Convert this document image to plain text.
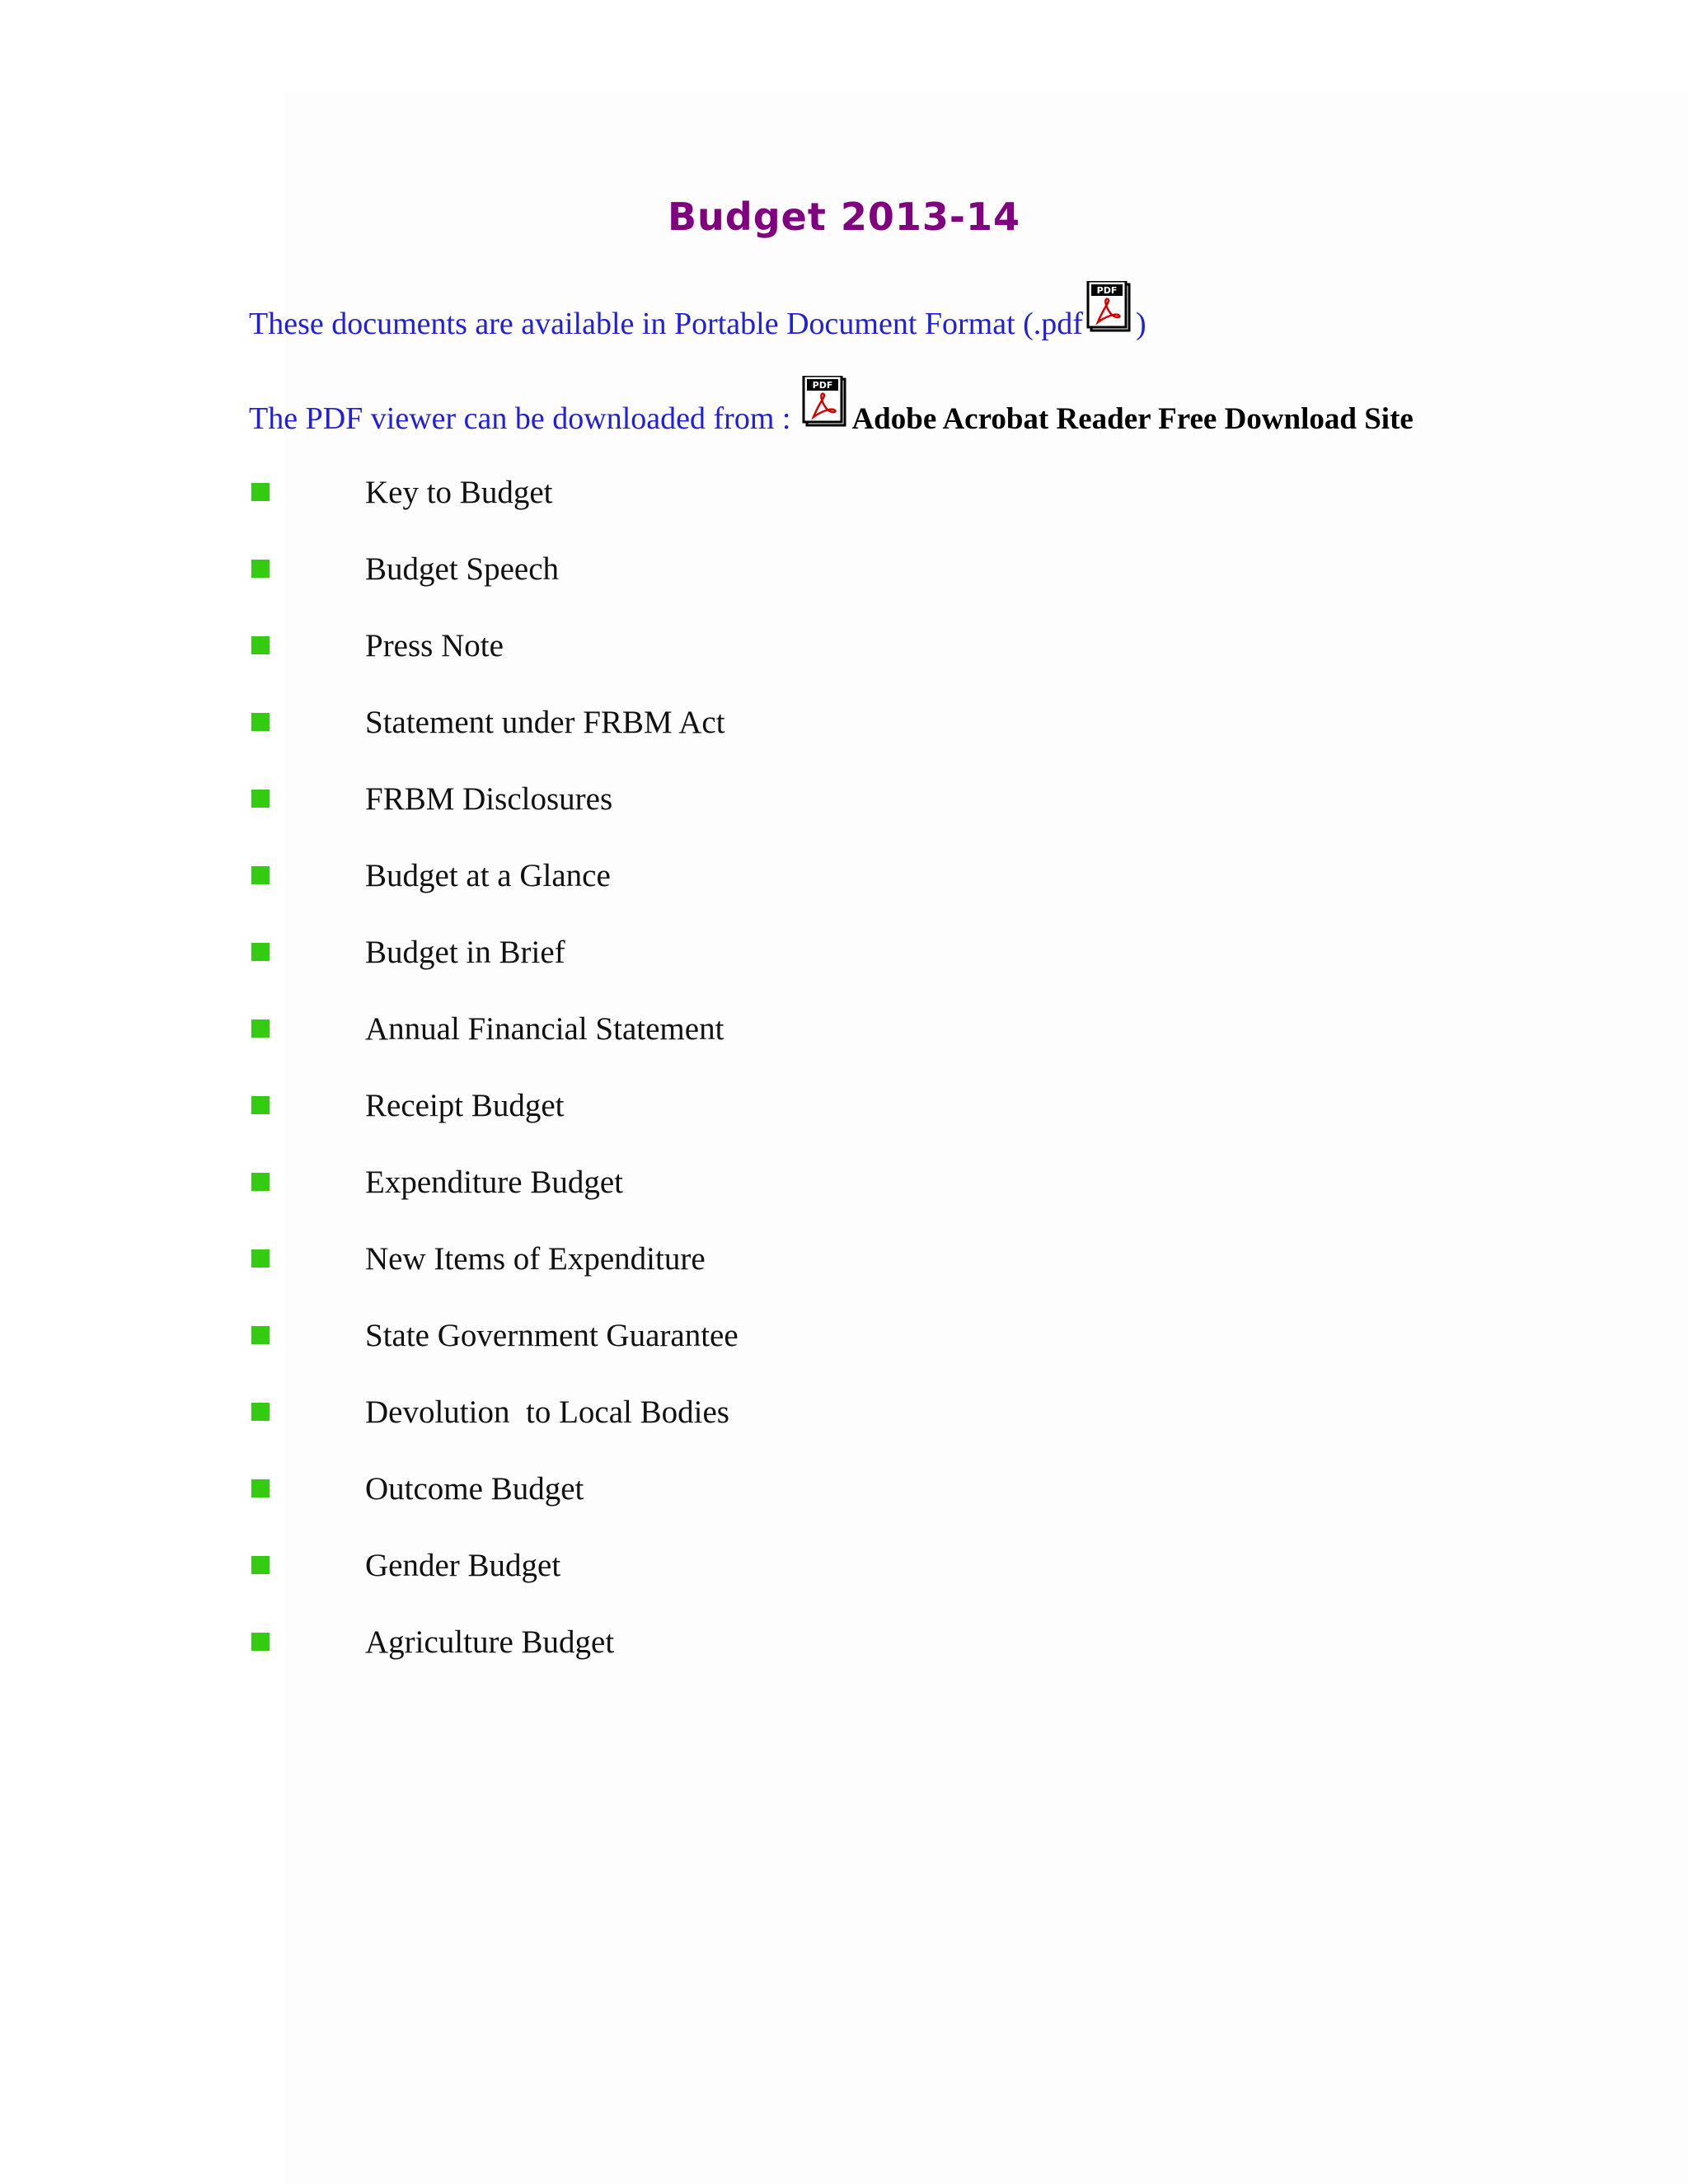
Budget 2013-14
These documents are available in Portable Document Format (.pdf
PDF
)
The PDF viewer can be downloaded from :
PDF
Adobe Acrobat Reader Free Download Site
Key to Budget
Budget Speech
Press Note
Statement under FRBM Act
FRBM Disclosures
Budget at a Glance
Budget in Brief
Annual Financial Statement
Receipt Budget
Expenditure Budget
New Items of Expenditure
State Government Guarantee
Devolution  to Local Bodies
Outcome Budget
Gender Budget
Agriculture Budget
